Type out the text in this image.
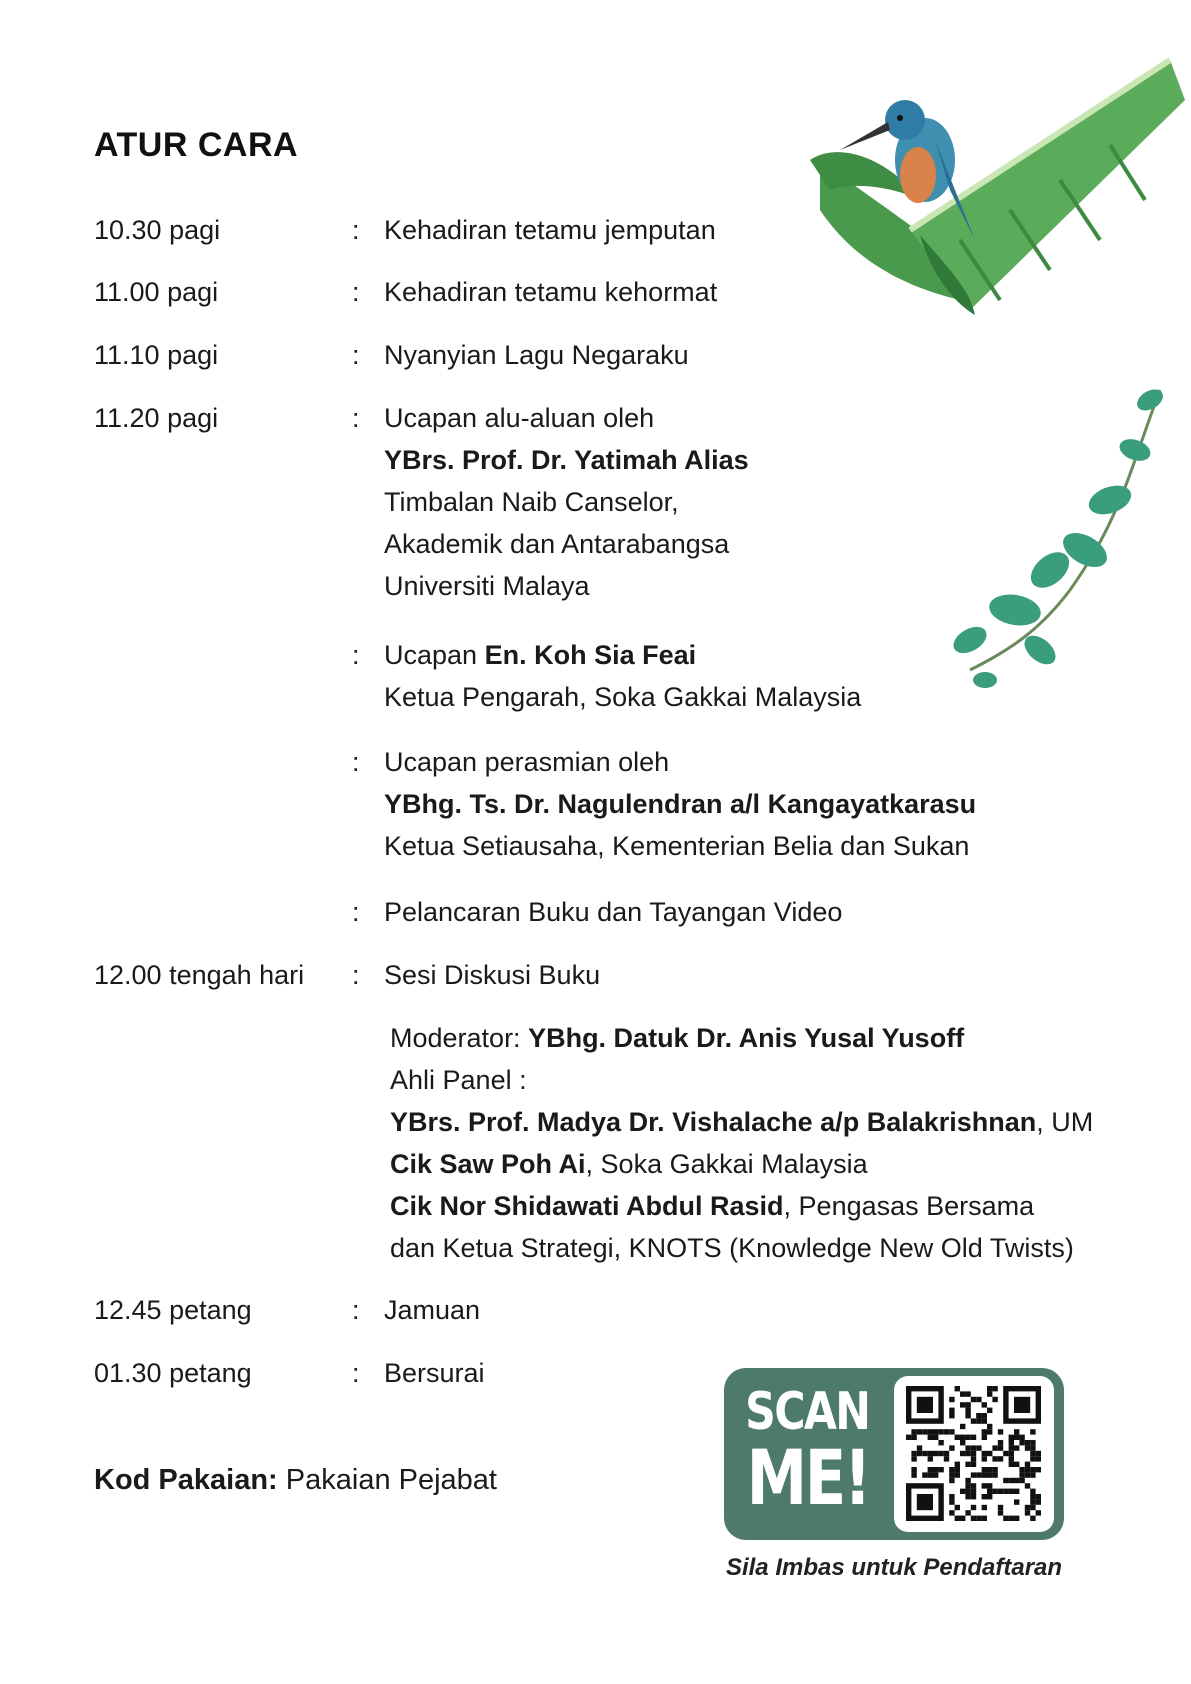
ATUR CARA
10.30 pagi	: Kehadiran tetamu jemputan
11.00 pagi	: Kehadiran tetamu kehormat
11.10 pagi	: Nyanyian Lagu Negaraku
11.20 pagi	: Ucapan alu-aluan oleh
YBrs. Prof. Dr. Yatimah Alias
Timbalan Naib Canselor,
Akademik dan Antarabangsa
Universiti Malaya
: Ucapan En. Koh Sia Feai
Ketua Pengarah, Soka Gakkai Malaysia
: Ucapan perasmian oleh
YBhg. Ts. Dr. Nagulendran a/l Kangayatkarasu
Ketua Setiausaha, Kementerian Belia dan Sukan
: Pelancaran Buku dan Tayangan Video
12.00 tengah hari	: Sesi Diskusi Buku
Moderator: YBhg. Datuk Dr. Anis Yusal Yusoff
Ahli Panel :
YBrs. Prof. Madya Dr. Vishalache a/p Balakrishnan, UM
Cik Saw Poh Ai, Soka Gakkai Malaysia
Cik Nor Shidawati Abdul Rasid, Pengasas Bersama
dan Ketua Strategi, KNOTS (Knowledge New Old Twists)
12.45 petang	: Jamuan
01.30 petang	: Bersurai
Kod Pakaian: Pakaian Pejabat
SCAN
ME!
Sila Imbas untuk Pendaftaran
